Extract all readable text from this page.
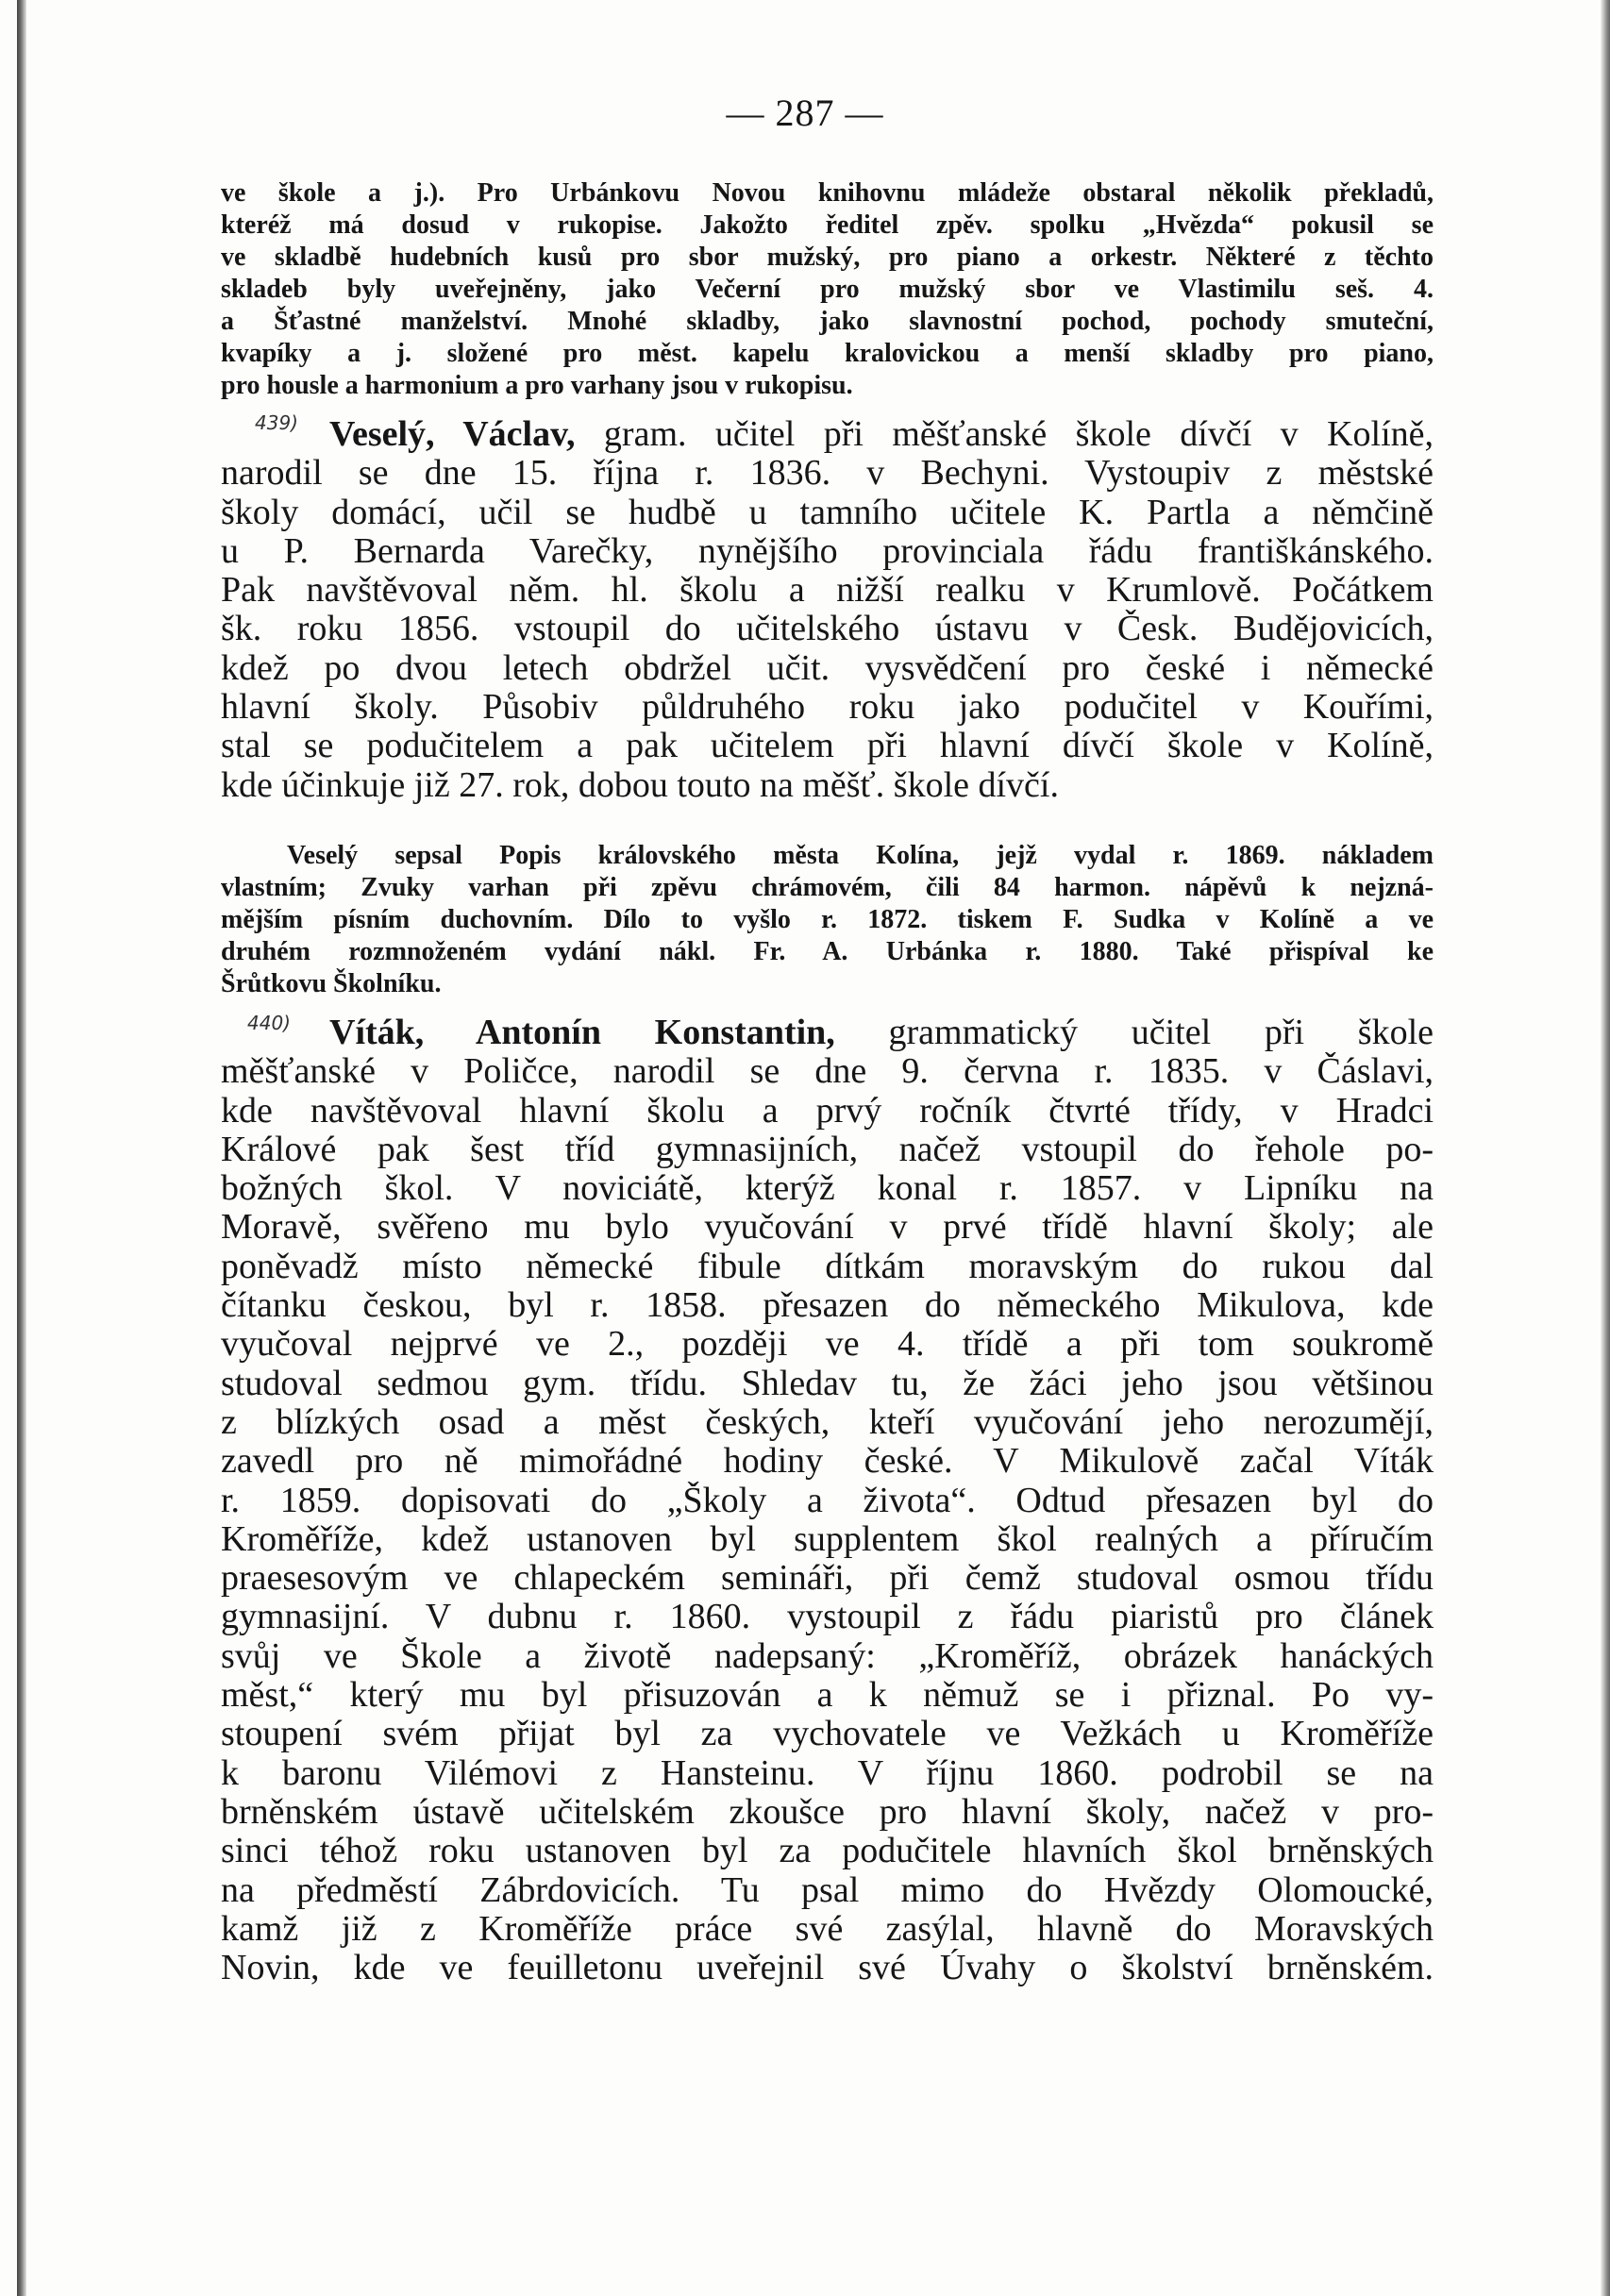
— 287 —
ve škole a j.). Pro Urbánkovu Novou knihovnu mládeže obstaral několik překladů,
kteréž má dosud v rukopise. Jakožto ředitel zpěv. spolku „Hvězda“ pokusil se
ve skladbě hudebních kusů pro sbor mužský, pro piano a orkestr. Některé z těchto
skladeb byly uveřejněny, jako Večerní pro mužský sbor ve Vlastimilu seš. 4.
a Šťastné manželství. Mnohé skladby, jako slavnostní pochod, pochody smuteční,
kvapíky a j. složené pro měst. kapelu kralovickou a menší skladby pro piano,
pro housle a harmonium a pro varhany jsou v rukopisu.
439) Veselý, Václav, gram. učitel při měšťanské škole dívčí v Kolíně,
narodil se dne 15. října r. 1836. v Bechyni. Vystoupiv z městské
školy domácí, učil se hudbě u tamního učitele K. Partla a němčině
u P. Bernarda Varečky, nynějšího provinciala řádu františkánského.
Pak navštěvoval něm. hl. školu a nižší realku v Krumlově. Počátkem
šk. roku 1856. vstoupil do učitelského ústavu v Česk. Budějovicích,
kdež po dvou letech obdržel učit. vysvědčení pro české i německé
hlavní školy. Působiv půldruhého roku jako podučitel v Kouřími,
stal se podučitelem a pak učitelem při hlavní dívčí škole v Kolíně,
kde účinkuje již 27. rok, dobou touto na měšť. škole dívčí.
Veselý sepsal Popis královského města Kolína, jejž vydal r. 1869. nákladem
vlastním; Zvuky varhan při zpěvu chrámovém, čili 84 harmon. nápěvů k nejzná-
mějším písním duchovním. Dílo to vyšlo r. 1872. tiskem F. Sudka v Kolíně a ve
druhém rozmnoženém vydání nákl. Fr. A. Urbánka r. 1880. Také přispíval ke
Šrůtkovu Školníku.
440)	Víták, Antonín Konstantin, grammatický učitel při škole
měšťanské v Poličce, narodil se dne 9. června r. 1835. v Čáslavi,
kde navštěvoval hlavní školu a prvý ročník čtvrté třídy, v Hradci
Králové pak šest tříd gymnasijních, načež vstoupil do řehole po-
božných škol. V noviciátě, kterýž konal r. 1857. v Lipníku na
Moravě, svěřeno mu bylo vyučování v prvé třídě hlavní školy; ale
poněvadž místo německé fibule dítkám moravským do rukou dal
čítanku českou, byl r. 1858. přesazen do německého Mikulova, kde
vyučoval nejprvé ve 2., později ve 4. třídě a při tom soukromě
studoval sedmou gym. třídu. Shledav tu, že žáci jeho jsou většinou
z blízkých osad a měst českých, kteří vyučování jeho nerozumějí,
zavedl pro ně mimořádné hodiny české. V Mikulově začal Víták
r. 1859. dopisovati do „Školy a života“. Odtud přesazen byl do
Kroměříže, kdež ustanoven byl supplentem škol realných a příručím
praesesovým ve chlapeckém semináři, při čemž studoval osmou třídu
gymnasijní. V dubnu r. 1860. vystoupil z řádu piaristů pro článek
svůj ve Škole a životě nadepsaný: „Kroměříž, obrázek hanáckých
měst,“ který mu byl přisuzován a k němuž se i přiznal. Po vy-
stoupení svém přijat byl za vychovatele ve Vežkách u Kroměříže
k baronu Vilémovi z Hansteinu. V říjnu 1860. podrobil se na
brněnském ústavě učitelském zkoušce pro hlavní školy, načež v pro-
sinci téhož roku ustanoven byl za podučitele hlavních škol brněnských
na předměstí Zábrdovicích. Tu psal mimo do Hvězdy Olomoucké,
kamž již z Kroměříže práce své zasýlal, hlavně do Moravských
Novin, kde ve feuilletonu uveřejnil své Úvahy o školství brněnském.
